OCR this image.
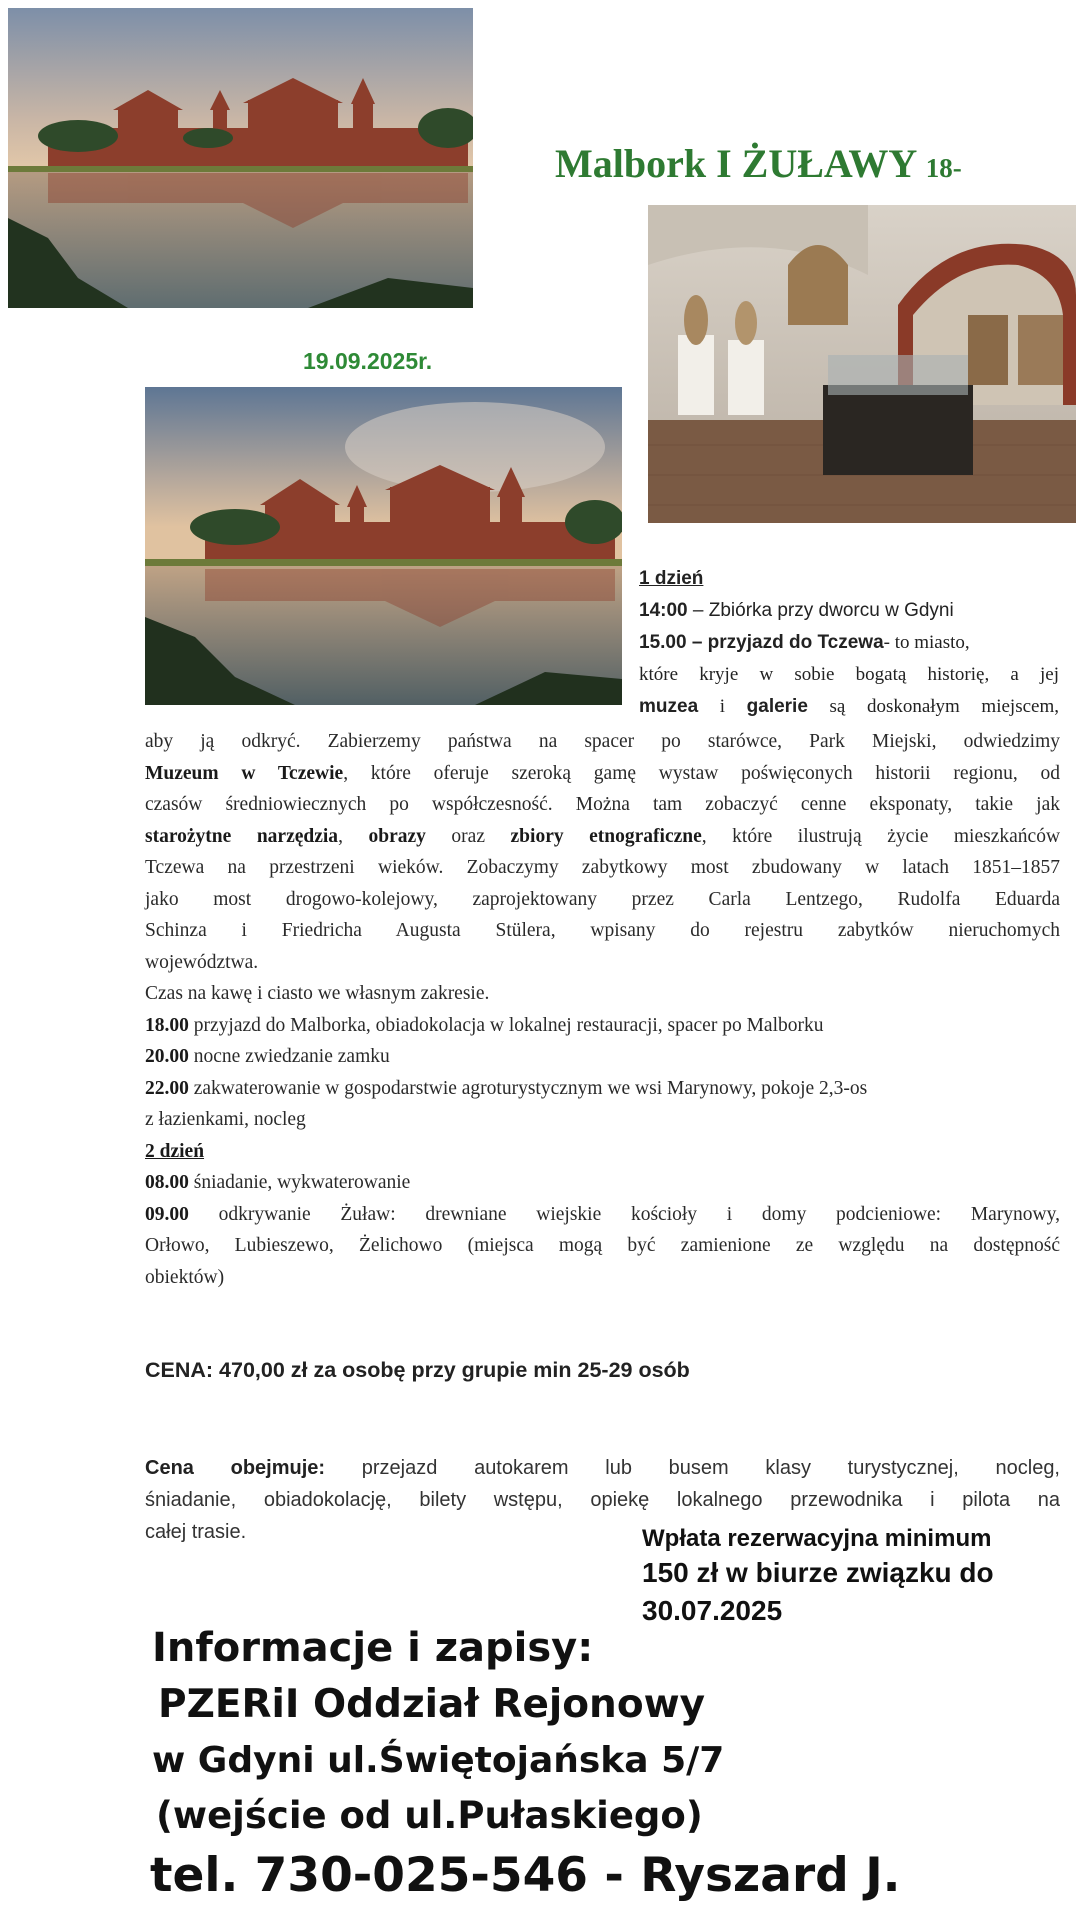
Malbork I ŻUŁAWY 18-
19.09.2025r.
1 dzień
14:00 – Zbiórka przy dworcu w Gdyni
15.00 – przyjazd do Tczewa- to miasto,
które kryje w sobie bogatą historię, a jej
muzea i galerie są doskonałym miejscem,
aby ją odkryć. Zabierzemy państwa na spacer po starówce, Park Miejski, odwiedzimy
Muzeum w Tczewie, które oferuje szeroką gamę wystaw poświęconych historii regionu, od
czasów średniowiecznych po współczesność. Można tam zobaczyć cenne eksponaty, takie jak
starożytne narzędzia, obrazy oraz zbiory etnograficzne, które ilustrują życie mieszkańców
Tczewa na przestrzeni wieków. Zobaczymy zabytkowy most zbudowany w latach 1851–1857
jako most drogowo-kolejowy, zaprojektowany przez Carla Lentzego, Rudolfa Eduarda
Schinza i Friedricha Augusta Stülera, wpisany do rejestru zabytków nieruchomych
województwa.
Czas na kawę i ciasto we własnym zakresie.
18.00 przyjazd do Malborka, obiadokolacja w lokalnej restauracji, spacer po Malborku
20.00 nocne zwiedzanie zamku
22.00 zakwaterowanie w gospodarstwie agroturystycznym we wsi Marynowy, pokoje 2,3-os
z łazienkami, nocleg
2 dzień
08.00 śniadanie, wykwaterowanie
09.00 odkrywanie Żuław: drewniane wiejskie kościoły i domy podcieniowe: Marynowy,
Orłowo, Lubieszewo, Żelichowo (miejsca mogą być zamienione ze względu na dostępność
obiektów)
CENA: 470,00 zł za osobę przy grupie min 25-29 osób
Cena obejmuje: przejazd autokarem lub busem klasy turystycznej, nocleg,
śniadanie, obiadokolację, bilety wstępu, opiekę lokalnego przewodnika i pilota na
całej trasie.	Wpłata rezerwacyjna minimum
150 zł w biurze związku do
30.07.2025
Informacje i zapisy:
PZERiI Oddział Rejonowy
w Gdyni ul.Świętojańska 5/7
(wejście od ul.Pułaskiego)
tel. 730-025-546 - Ryszard J.
